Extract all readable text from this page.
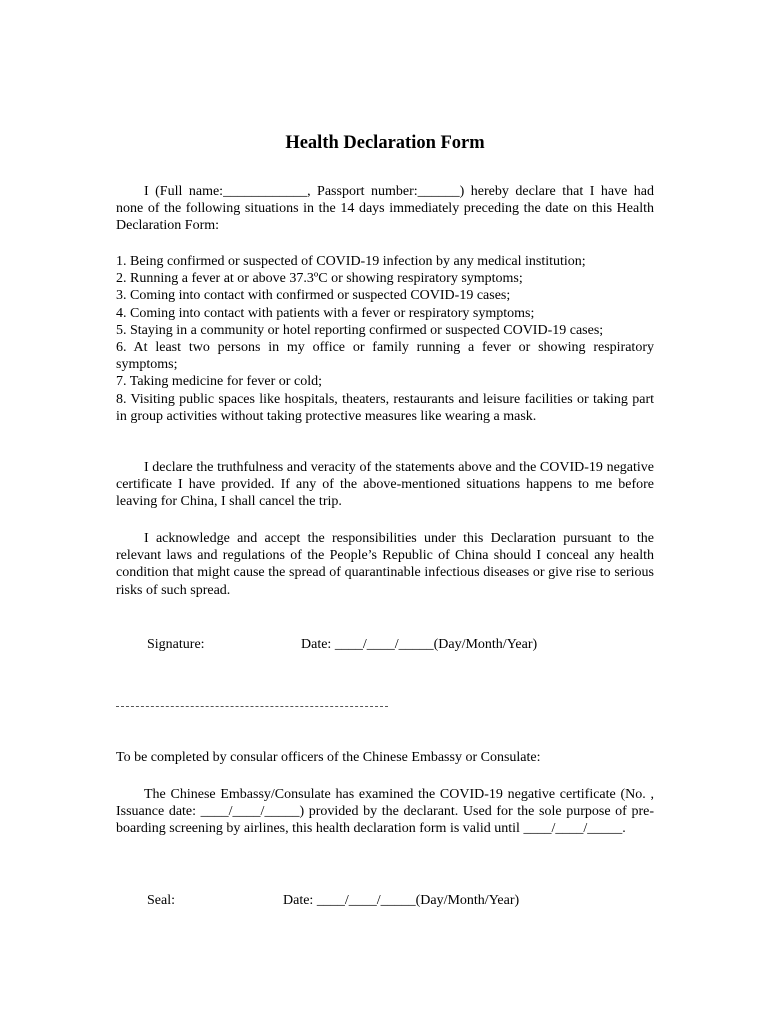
Health Declaration Form
I (Full name:____________, Passport number:______) hereby declare that I have had none of the following situations in the 14 days immediately preceding the date on this Health Declaration Form:
1. Being confirmed or suspected of COVID-19 infection by any medical institution;
2. Running a fever at or above 37.3ºC or showing respiratory symptoms;
3. Coming into contact with confirmed or suspected COVID-19 cases;
4. Coming into contact with patients with a fever or respiratory symptoms;
5. Staying in a community or hotel reporting confirmed or suspected COVID-19 cases;
6. At least two persons in my office or family running a fever or showing respiratory symptoms;
7. Taking medicine for fever or cold;
8. Visiting public spaces like hospitals, theaters, restaurants and leisure facilities or taking part in group activities without taking protective measures like wearing a mask.
I declare the truthfulness and veracity of the statements above and the COVID-19 negative certificate I have provided. If any of the above-mentioned situations happens to me before leaving for China, I shall cancel the trip.
I acknowledge and accept the responsibilities under this Declaration pursuant to the relevant laws and regulations of the People’s Republic of China should I conceal any health condition that might cause the spread of quarantinable infectious diseases or give rise to serious risks of such spread.
Signature:	Date: ____/____/_____(Day/Month/Year)
To be completed by consular officers of the Chinese Embassy or Consulate:
The Chinese Embassy/Consulate has examined the COVID-19 negative certificate (No. , Issuance date: ____/____/_____) provided by the declarant. Used for the sole purpose of pre-boarding screening by airlines, this health declaration form is valid until ____/____/_____.
Seal:	Date: ____/____/_____(Day/Month/Year)
